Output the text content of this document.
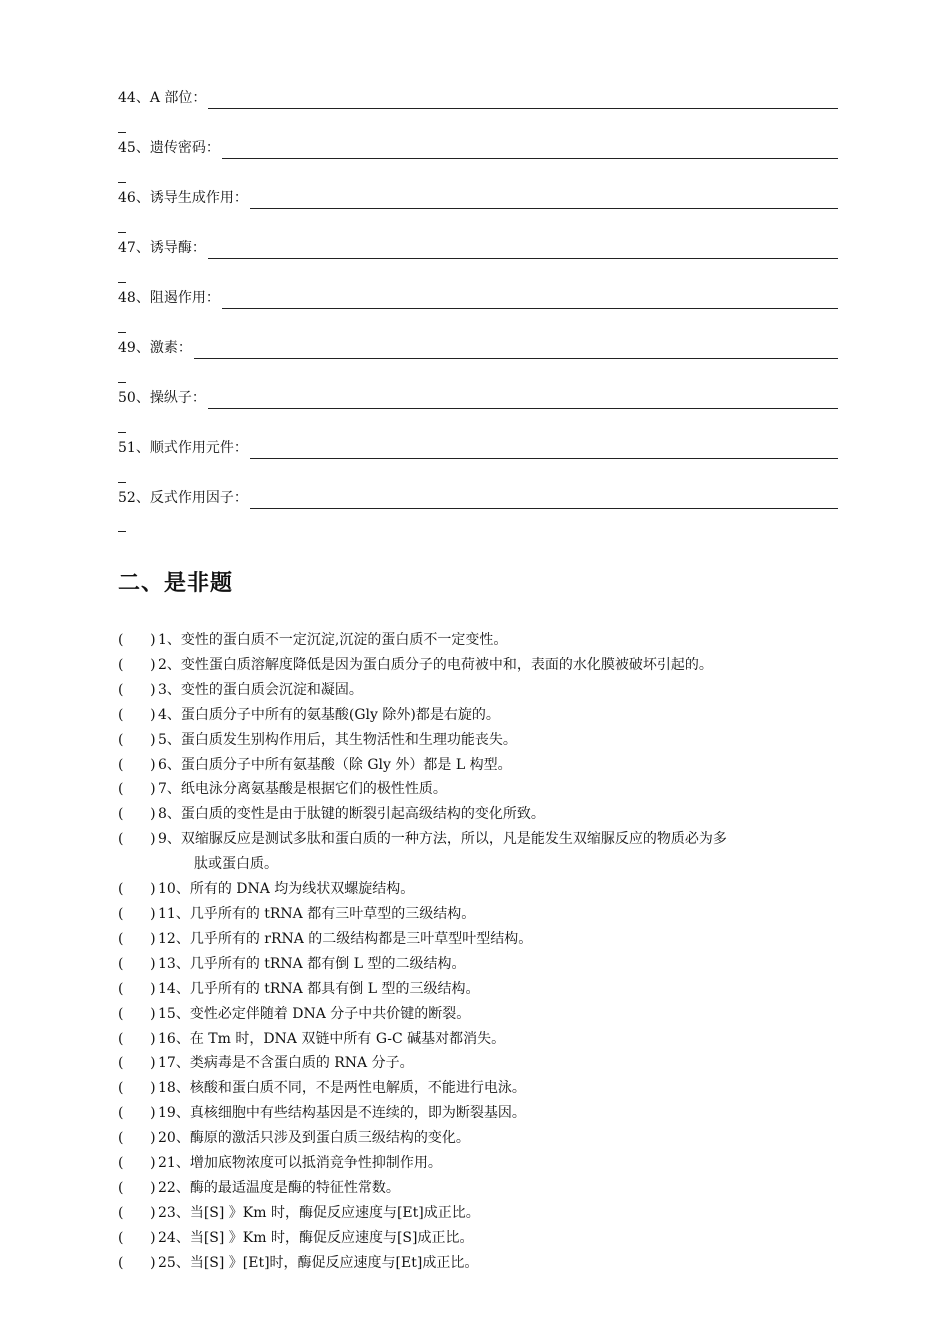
44、A 部位：
45、遗传密码：
46、诱导生成作用：
47、诱导酶：
48、阻遏作用：
49、激素：
50、操纵子：
51、顺式作用元件：
52、反式作用因子：
二、是非题
(      ) 1、变性的蛋白质不一定沉淀,沉淀的蛋白质不一定变性。
(      ) 2、变性蛋白质溶解度降低是因为蛋白质分子的电荷被中和，表面的水化膜被破坏引起的。
(      ) 3、变性的蛋白质会沉淀和凝固。
(      ) 4、蛋白质分子中所有的氨基酸(Gly 除外)都是右旋的。
(      ) 5、蛋白质发生别构作用后，其生物活性和生理功能丧失。
(      ) 6、蛋白质分子中所有氨基酸（除 Gly 外）都是 L 构型。
(      ) 7、纸电泳分离氨基酸是根据它们的极性性质。
(      ) 8、蛋白质的变性是由于肽键的断裂引起高级结构的变化所致。
(      ) 9、双缩脲反应是测试多肽和蛋白质的一种方法，所以，凡是能发生双缩脲反应的物质必为多
肽或蛋白质。
(      ) 10、所有的 DNA 均为线状双螺旋结构。
(      ) 11、几乎所有的 tRNA 都有三叶草型的三级结构。
(      ) 12、几乎所有的 rRNA 的二级结构都是三叶草型叶型结构。
(      ) 13、几乎所有的 tRNA 都有倒 L 型的二级结构。
(      ) 14、几乎所有的 tRNA 都具有倒 L 型的三级结构。
(      ) 15、变性必定伴随着 DNA 分子中共价键的断裂。
(      ) 16、在 Tm 时，DNA 双链中所有 G-C 碱基对都消失。
(      ) 17、类病毒是不含蛋白质的 RNA 分子。
(      ) 18、核酸和蛋白质不同，不是两性电解质，不能进行电泳。
(      ) 19、真核细胞中有些结构基因是不连续的，即为断裂基因。
(      ) 20、酶原的激活只涉及到蛋白质三级结构的变化。
(      ) 21、增加底物浓度可以抵消竞争性抑制作用。
(      ) 22、酶的最适温度是酶的特征性常数。
(      ) 23、当[S] 》Km 时，酶促反应速度与[Et]成正比。
(      ) 24、当[S] 》Km 时，酶促反应速度与[S]成正比。
(      ) 25、当[S] 》[Et]时，酶促反应速度与[Et]成正比。
